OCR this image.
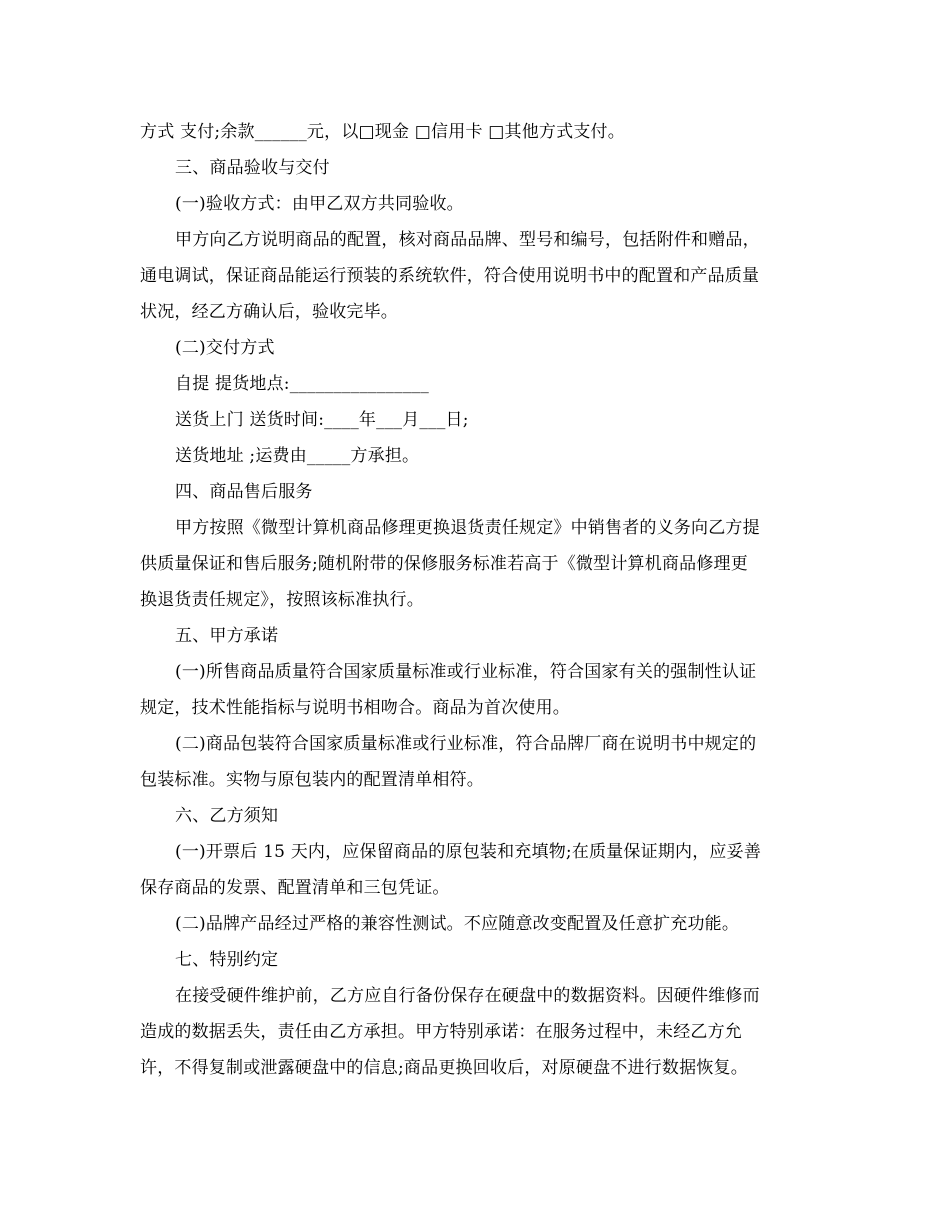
方式 支付;余款______元，以□现金 □信用卡 □其他方式支付。

三、商品验收与交付

(一)验收方式：由甲乙双方共同验收。

甲方向乙方说明商品的配置，核对商品品牌、型号和编号，包括附件和赠品，

通电调试，保证商品能运行预装的系统软件，符合使用说明书中的配置和产品质量

状况，经乙方确认后，验收完毕。

(二)交付方式

自提 提货地点:________________

送货上门 送货时间:____年___月___日;

送货地址 ;运费由_____方承担。

四、商品售后服务

甲方按照《微型计算机商品修理更换退货责任规定》中销售者的义务向乙方提

供质量保证和售后服务;随机附带的保修服务标准若高于《微型计算机商品修理更

换退货责任规定》，按照该标准执行。

五、甲方承诺

(一)所售商品质量符合国家质量标准或行业标准，符合国家有关的强制性认证

规定，技术性能指标与说明书相吻合。商品为首次使用。

(二)商品包装符合国家质量标准或行业标准，符合品牌厂商在说明书中规定的

包装标准。实物与原包装内的配置清单相符。

六、乙方须知

(一)开票后 15 天内，应保留商品的原包装和充填物;在质量保证期内，应妥善

保存商品的发票、配置清单和三包凭证。

(二)品牌产品经过严格的兼容性测试。不应随意改变配置及任意扩充功能。

七、特别约定

在接受硬件维护前，乙方应自行备份保存在硬盘中的数据资料。因硬件维修而

造成的数据丢失，责任由乙方承担。甲方特别承诺：在服务过程中，未经乙方允

许，不得复制或泄露硬盘中的信息;商品更换回收后，对原硬盘不进行数据恢复。
